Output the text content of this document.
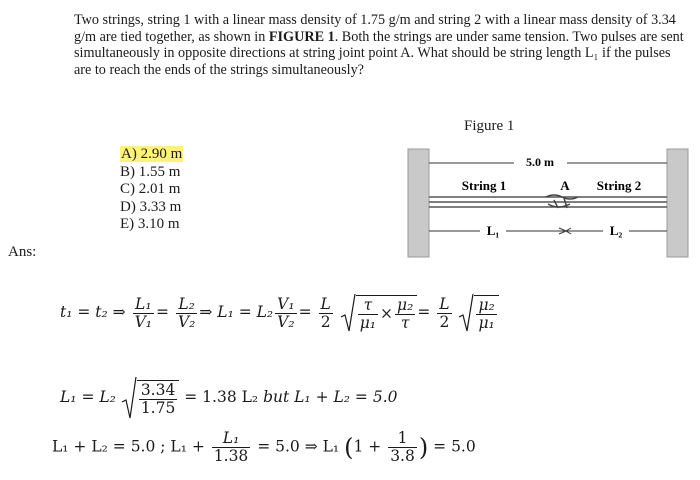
Two strings, string 1 with a linear mass density of 1.75 g/m and string 2 with a linear mass density of 3.34 g/m are tied together, as shown in FIGURE 1. Both the strings are under same tension. Two pulses are sent simultaneously in opposite directions at string joint point A. What should be string length L₁ if the pulses are to reach the ends of the strings simultaneously?
A) 2.90 m
B) 1.55 m
C) 2.01 m
D) 3.33 m
E) 3.10 m
Ans:
Figure 1
5.0 m
String 1	A String 2
L₁	L₂
t₁ = t₂ ⇒ $\frac{\text{L₁}}{\text{V₁}} = \frac{\text{L₂}}{\text{V₂}}$ ⇒ $L_1 = L_2 \frac{\text{V₁}}{\text{V₂}} = \frac{L}{2}$
$\frac{\tau}{\text{μ₁}} \times \frac{\text{μ₂}}{\tau} = \frac{L}{2}$
$\frac{\text{μ₂}}{\text{μ₁}}$
$L_1 = L_2 \frac{3.34}{1.75} = 1.38$ L₂ but L₁ + L₂ = 5.0
L₁ + L₂ = 5.0 ; $L_1 + \frac{\text{L₁}}{1.38} = 5.0$ ⇒ L₁ ($1 + \frac{1}{3.8}$ ) = 5.0
